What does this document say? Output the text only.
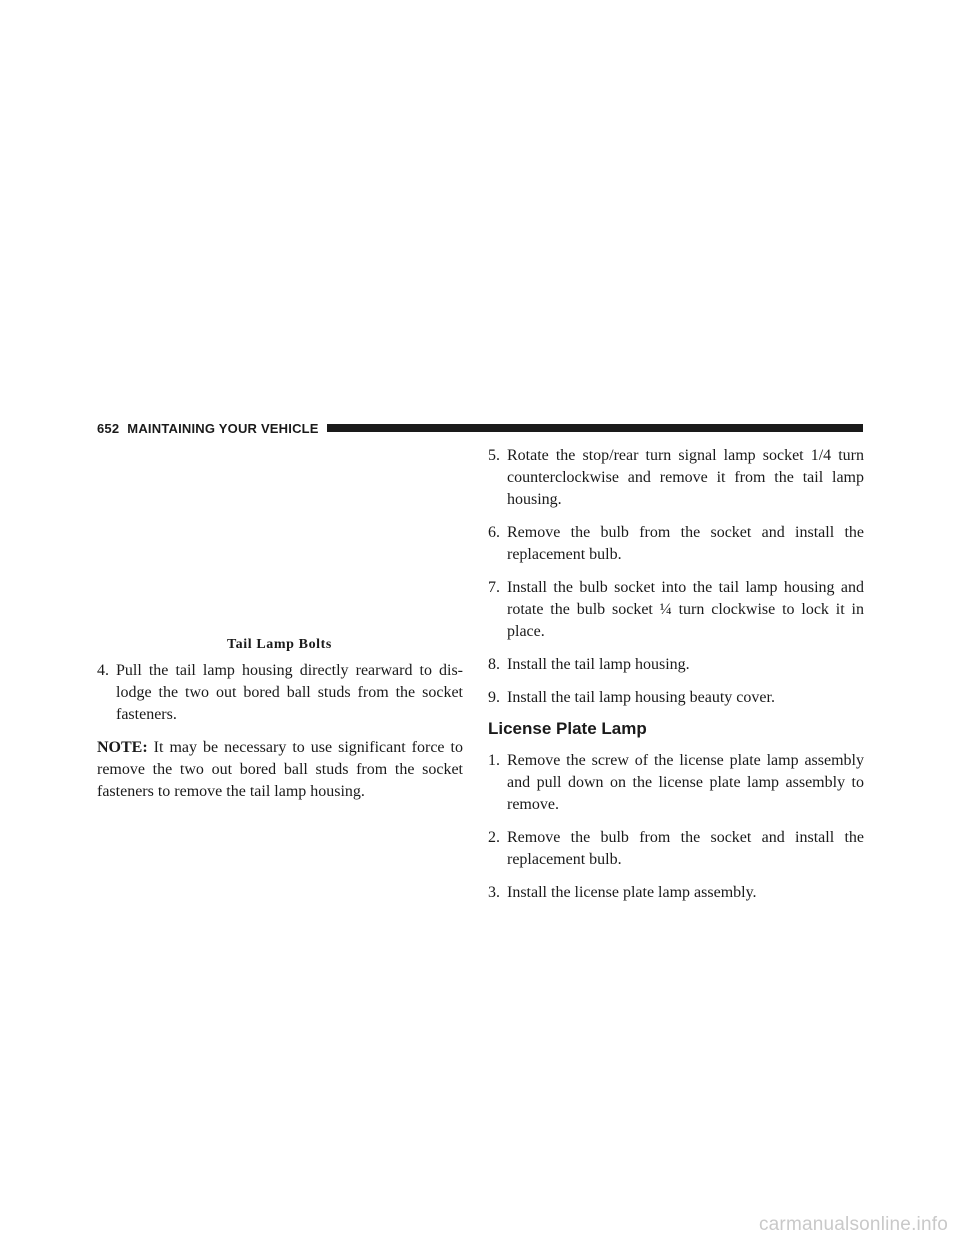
652 MAINTAINING YOUR VEHICLE
Tail Lamp Bolts
4. Pull the tail lamp housing directly rearward to dis-lodge the two out bored ball studs from the socket fasteners.
NOTE: It may be necessary to use significant force to remove the two out bored ball studs from the socket fasteners to remove the tail lamp housing.
5. Rotate the stop/rear turn signal lamp socket 1/4 turn counterclockwise and remove it from the tail lamp housing.
6. Remove the bulb from the socket and install the replacement bulb.
7. Install the bulb socket into the tail lamp housing and rotate the bulb socket ¼ turn clockwise to lock it in place.
8. Install the tail lamp housing.
9. Install the tail lamp housing beauty cover.
License Plate Lamp
1. Remove the screw of the license plate lamp assembly and pull down on the license plate lamp assembly to remove.
2. Remove the bulb from the socket and install the replacement bulb.
3. Install the license plate lamp assembly.
carmanualsonline.info
